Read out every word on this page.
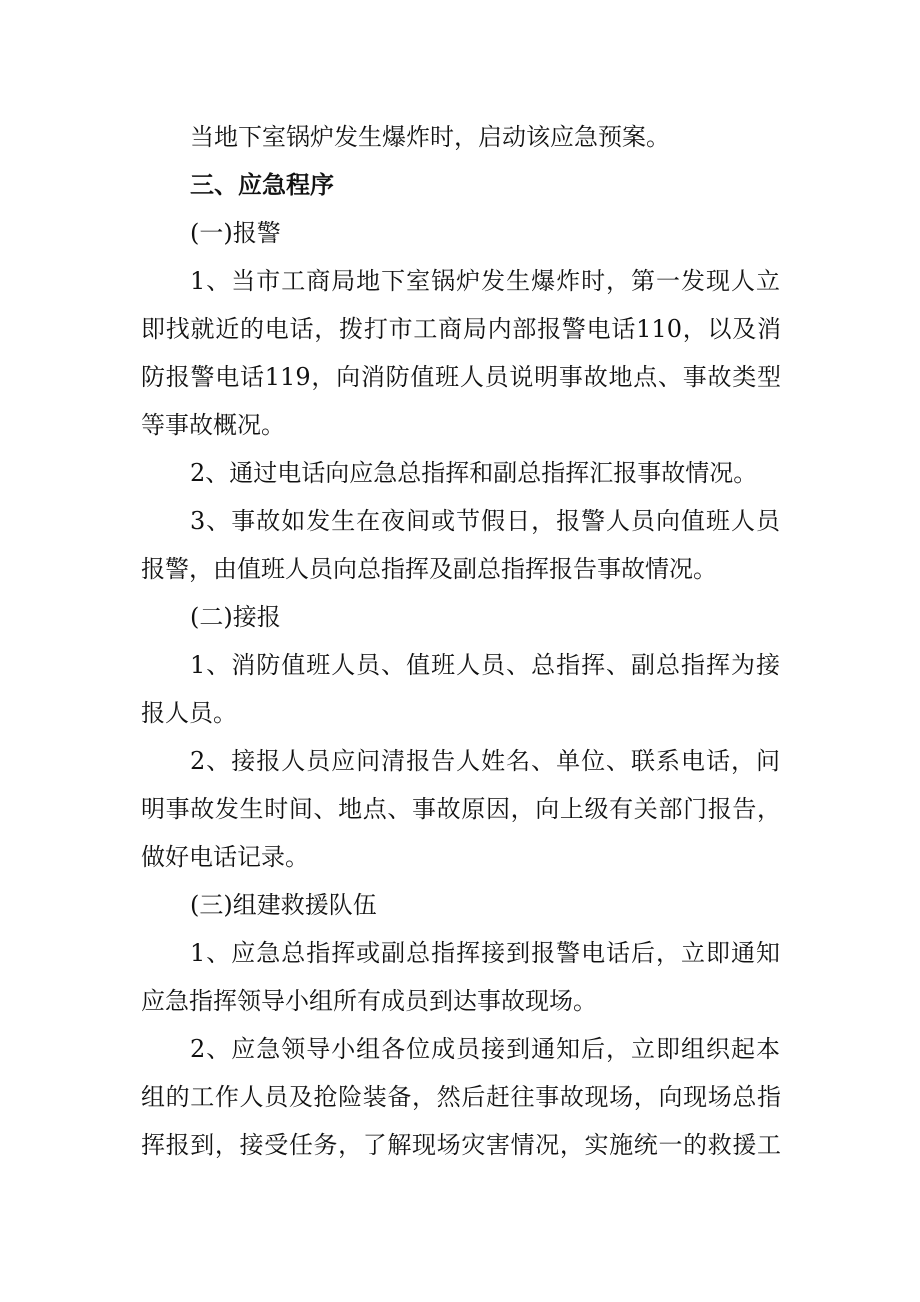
当地下室锅炉发生爆炸时，启动该应急预案。
三、应急程序
(一)报警
1、当市工商局地下室锅炉发生爆炸时，第一发现人立
即找就近的电话，拨打市工商局内部报警电话110，以及消
防报警电话119，向消防值班人员说明事故地点、事故类型
等事故概况。
2、通过电话向应急总指挥和副总指挥汇报事故情况。
3、事故如发生在夜间或节假日，报警人员向值班人员
报警，由值班人员向总指挥及副总指挥报告事故情况。
(二)接报
1、消防值班人员、值班人员、总指挥、副总指挥为接
报人员。
2、接报人员应问清报告人姓名、单位、联系电话，问
明事故发生时间、地点、事故原因，向上级有关部门报告，
做好电话记录。
(三)组建救援队伍
1、应急总指挥或副总指挥接到报警电话后，立即通知
应急指挥领导小组所有成员到达事故现场。
2、应急领导小组各位成员接到通知后，立即组织起本
组的工作人员及抢险装备，然后赶往事故现场，向现场总指
挥报到，接受任务，了解现场灾害情况，实施统一的救援工
